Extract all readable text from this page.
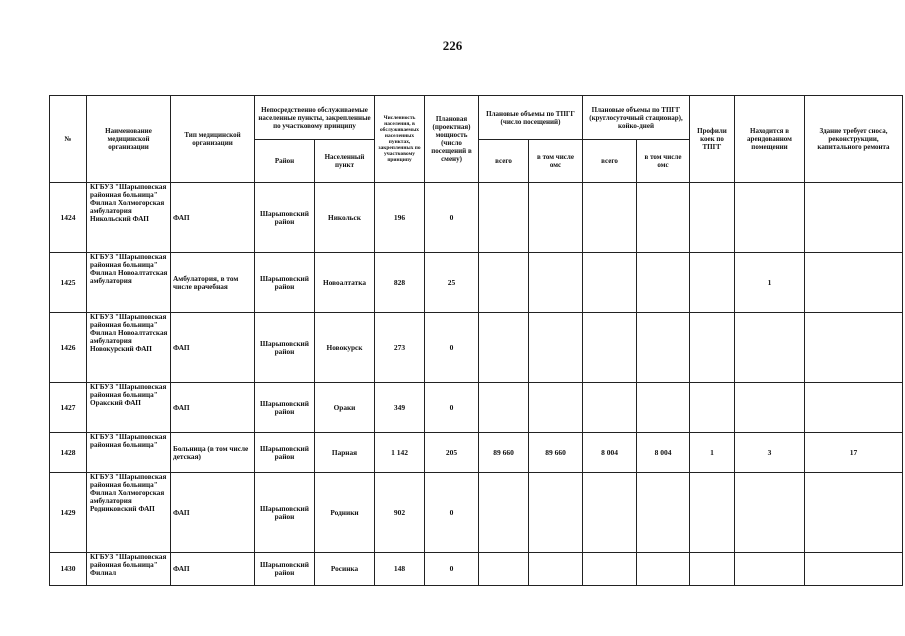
226
№	Наименование медицинской организации	Тип медицинской организации	Непосредственно обслуживаемые населенные пункты, закрепленные по участковому принципу		Численность населения, в обслуживаемых населенных пунктах, закрепленных по участковому принципу	Плановая (проектная) мощность (число посещений в смену)	Плановые объемы по ТПГГ (число посещений)		Плановые объемы по ТПГГ (круглосуточный стационар), койко-дней		Профили коек по ТПГГ	Находится в арендованном помещении	Здание требует сноса, реконструкции, капитального ремонта
			Район	Населенный пункт			всего	в том числе омс	всего	в том числе омс			
1424	КГБУЗ "Шарыповская районная больница" Филиал Холмогорская амбулатория Никольский ФАП	ФАП	Шарыповский район	Никольск	196	0							
1425	КГБУЗ "Шарыповская районная больница" Филиал Новоалтатская амбулатория	Амбулатория, в том числе врачебная	Шарыповский район	Новоалтатка	828	25						1	
1426	КГБУЗ "Шарыповская районная больница" Филиал Новоалтатская амбулатория Новокурский ФАП	ФАП	Шарыповский район	Новокурск	273	0							
1427	КГБУЗ "Шарыповская районная больница" Оракский ФАП	ФАП	Шарыповский район	Ораки	349	0							
1428	КГБУЗ "Шарыповская районная больница"	Больница (в том числе детская)	Шарыповский район	Парная	1 142	205	89 660	89 660	8 004	8 004	1	3	17
1429	КГБУЗ "Шарыповская районная больница" Филиал Холмогорская амбулатория Родниковский ФАП	ФАП	Шарыповский район	Родники	902	0							
1430	КГБУЗ "Шарыповская районная больница" Филиал	ФАП	Шарыповский район	Росинка	148	0							
